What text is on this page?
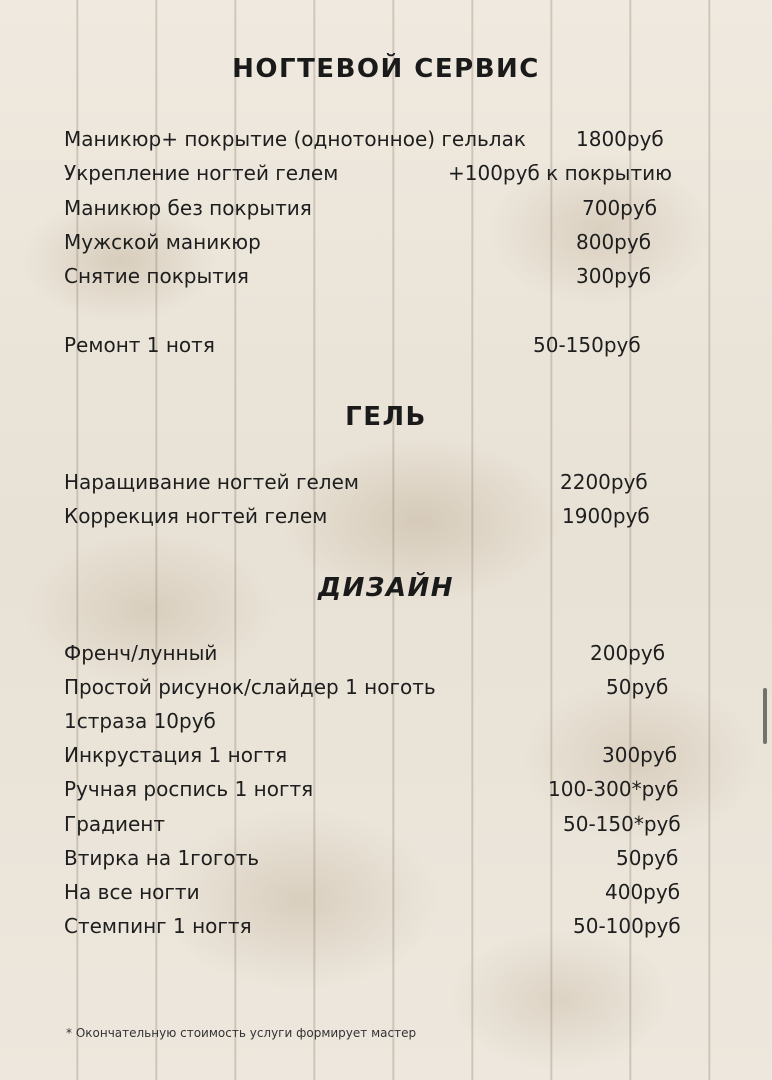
НОГТЕВОЙ СЕРВИС
Маникюр+ покрытие (однотонное) гельлак	1800руб
Укрепление ногтей гелем	+100руб к покрытию
Маникюр без покрытия	700руб
Мужской маникюр	800руб
Снятие покрытия	300руб
Ремонт 1 нотя	50-150руб
ГЕЛЬ
Наращивание ногтей гелем	2200руб
Коррекция ногтей гелем	1900руб
ДИЗАЙН
Френч/лунный	200руб
Простой рисунок/слайдер 1 ноготь	50руб
1страза 10руб
Инкрустация 1 ногтя	300руб
Ручная роспись 1 ногтя	100-300*руб
Градиент	50-150*руб
Втирка на 1гоготь	50руб
На все ногти	400руб
Стемпинг 1 ногтя	50-100руб
* Окончательную стоимость услуги формирует мастер
